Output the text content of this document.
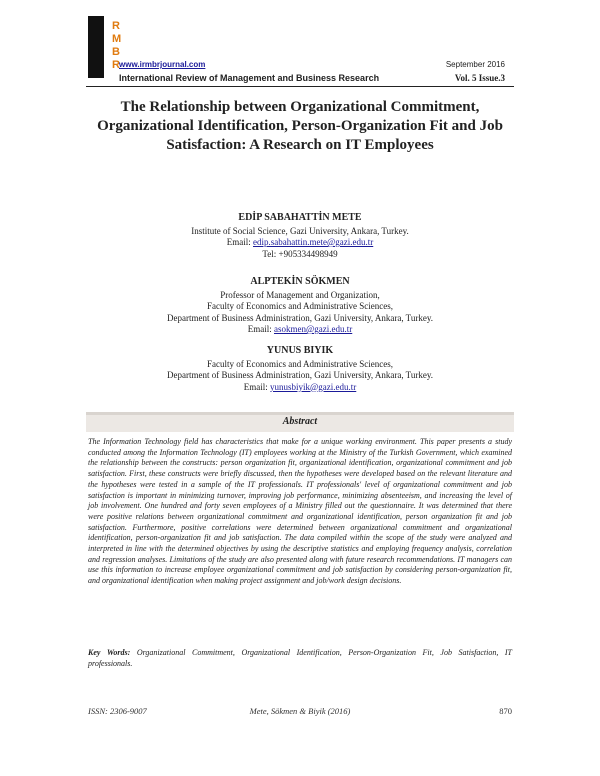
R
M
B
R www.irmbrjournal.com	September 2016
International Review of Management and Business Research	Vol. 5 Issue.3
The Relationship between Organizational Commitment, Organizational Identification, Person-Organization Fit and Job Satisfaction: A Research on IT Employees
EDİP SABAHATTİN METE
Institute of Social Science, Gazi University, Ankara, Turkey.
Email: edip.sabahattin.mete@gazi.edu.tr
Tel: +905334498949
ALPTEKİN SÖKMEN
Professor of Management and Organization,
Faculty of Economics and Administrative Sciences,
Department of Business Administration, Gazi University, Ankara, Turkey.
Email: asokmen@gazi.edu.tr
YUNUS BIYIK
Faculty of Economics and Administrative Sciences,
Department of Business Administration, Gazi University, Ankara, Turkey.
Email: yunusbiyik@gazi.edu.tr
Abstract
The Information Technology field has characteristics that make for a unique working environment. This paper presents a study conducted among the Information Technology (IT) employees working at the Ministry of the Turkish Government, which examined the relationship between the constructs: person organization fit, organizational identification, organizational commitment and job satisfaction. First, these constructs were briefly discussed, then the hypotheses were developed based on the relevant literature and the hypotheses were tested in a sample of the IT professionals. IT professionals' level of organizational commitment and job satisfaction is important in minimizing turnover, improving job performance, minimizing absenteeism, and increasing the level of job involvement. One hundred and forty seven employees of a Ministry filled out the questionnaire. It was determined that there were positive relations between organizational commitment and organizational identification, person organization fit and job satisfaction. Furthermore, positive correlations were determined between organizational commitment and organizational identification, person-organization fit and job satisfaction. The data compiled within the scope of the study were analyzed and interpreted in line with the determined objectives by using the descriptive statistics and employing frequency analysis, correlation and regression analyses. Limitations of the study are also presented along with future research recommendations. IT managers can use this information to increase employee organizational commitment and job satisfaction by considering person-organization fit, and organizational identification when making project assignment and job/work design decisions.
Key Words: Organizational Commitment, Organizational Identification, Person-Organization Fit, Job Satisfaction, IT professionals.
ISSN: 2306-9007	Mete, Sökmen & Biyik (2016)	870
